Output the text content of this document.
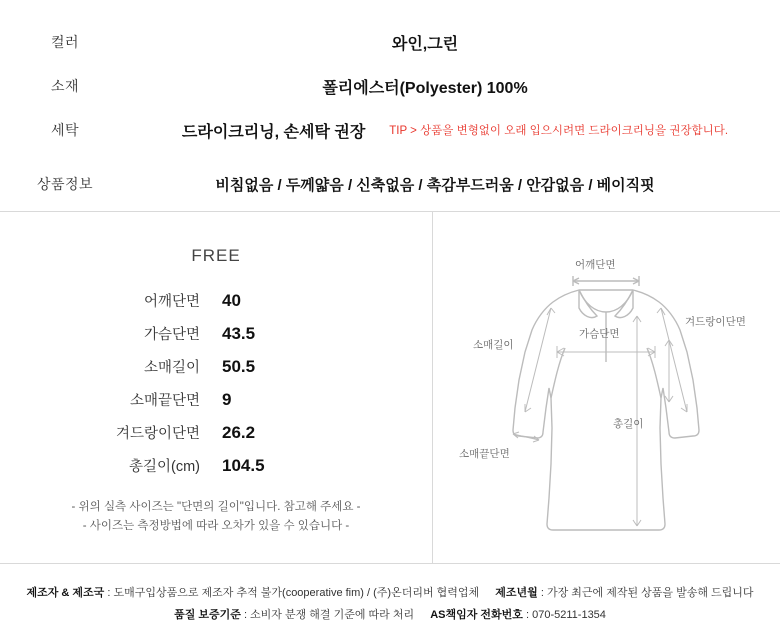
컬러	와인,그린
소재	폴리에스터(Polyester) 100%
세탁	드라이크리닝, 손세탁 권장 TIP > 상품을 변형없이 오래 입으시려면 드라이크리닝을 권장합니다.
상품정보	비침없음 / 두께얇음 / 신축없음 / 촉감부드러움 / 안감없음 / 베이직핏
FREE
어깨단면	40
가슴단면	43.5
소매길이	50.5
소매끝단면	9
겨드랑이단면	26.2
총길이(cm)	104.5
- 위의 실측 사이즈는 "단면의 길이"입니다. 참고해 주세요 -
- 사이즈는 측정방법에 따라 오차가 있을 수 있습니다 -
어깨단면
소매길이
가슴단면
겨드랑이단면
소매끝단면
총길이
제조자 & 제조국 : 도매구입상품으로 제조자 추적 불가(cooperative fim) / (주)온더리버 협력업체 제조년월 : 가장 최근에 제작된 상품을 발송해 드립니다
품질 보증기준 : 소비자 분쟁 해결 기준에 따라 처리 AS책임자 전화번호 : 070-5211-1354
